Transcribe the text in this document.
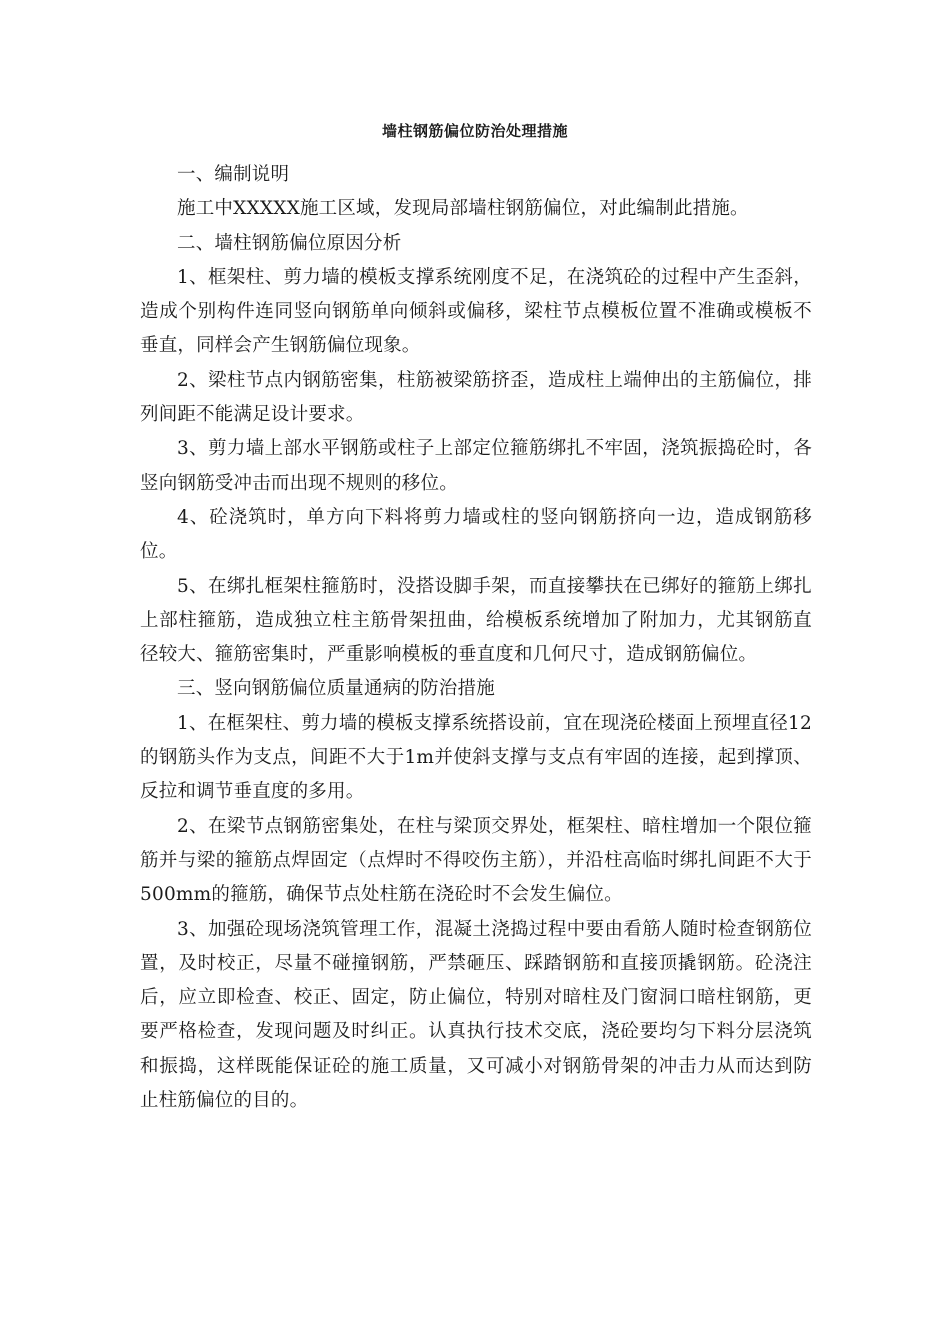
墙柱钢筋偏位防治处理措施

一、编制说明

施工中XXXXX施工区域，发现局部墙柱钢筋偏位，对此编制此措施。

二、墙柱钢筋偏位原因分析

1、框架柱、剪力墙的模板支撑系统刚度不足，在浇筑砼的过程中产生歪斜，造成个别构件连同竖向钢筋单向倾斜或偏移，梁柱节点模板位置不准确或模板不垂直，同样会产生钢筋偏位现象。

2、梁柱节点内钢筋密集，柱筋被梁筋挤歪，造成柱上端伸出的主筋偏位，排列间距不能满足设计要求。

3、剪力墙上部水平钢筋或柱子上部定位箍筋绑扎不牢固，浇筑振捣砼时，各竖向钢筋受冲击而出现不规则的移位。

4、砼浇筑时，单方向下料将剪力墙或柱的竖向钢筋挤向一边，造成钢筋移位。

5、在绑扎框架柱箍筋时，没搭设脚手架，而直接攀扶在已绑好的箍筋上绑扎上部柱箍筋，造成独立柱主筋骨架扭曲，给模板系统增加了附加力，尤其钢筋直径较大、箍筋密集时，严重影响模板的垂直度和几何尺寸，造成钢筋偏位。

三、竖向钢筋偏位质量通病的防治措施

1、在框架柱、剪力墙的模板支撑系统搭设前，宜在现浇砼楼面上预埋直径12的钢筋头作为支点，间距不大于1m并使斜支撑与支点有牢固的连接，起到撑顶、反拉和调节垂直度的多用。

2、在梁节点钢筋密集处，在柱与梁顶交界处，框架柱、暗柱增加一个限位箍筋并与梁的箍筋点焊固定（点焊时不得咬伤主筋），并沿柱高临时绑扎间距不大于500mm的箍筋，确保节点处柱筋在浇砼时不会发生偏位。

3、加强砼现场浇筑管理工作，混凝土浇捣过程中要由看筋人随时检查钢筋位置，及时校正，尽量不碰撞钢筋，严禁砸压、踩踏钢筋和直接顶撬钢筋。砼浇注后，应立即检查、校正、固定，防止偏位，特别对暗柱及门窗洞口暗柱钢筋，更要严格检查，发现问题及时纠正。认真执行技术交底，浇砼要均匀下料分层浇筑和振捣，这样既能保证砼的施工质量，又可减小对钢筋骨架的冲击力从而达到防止柱筋偏位的目的。
